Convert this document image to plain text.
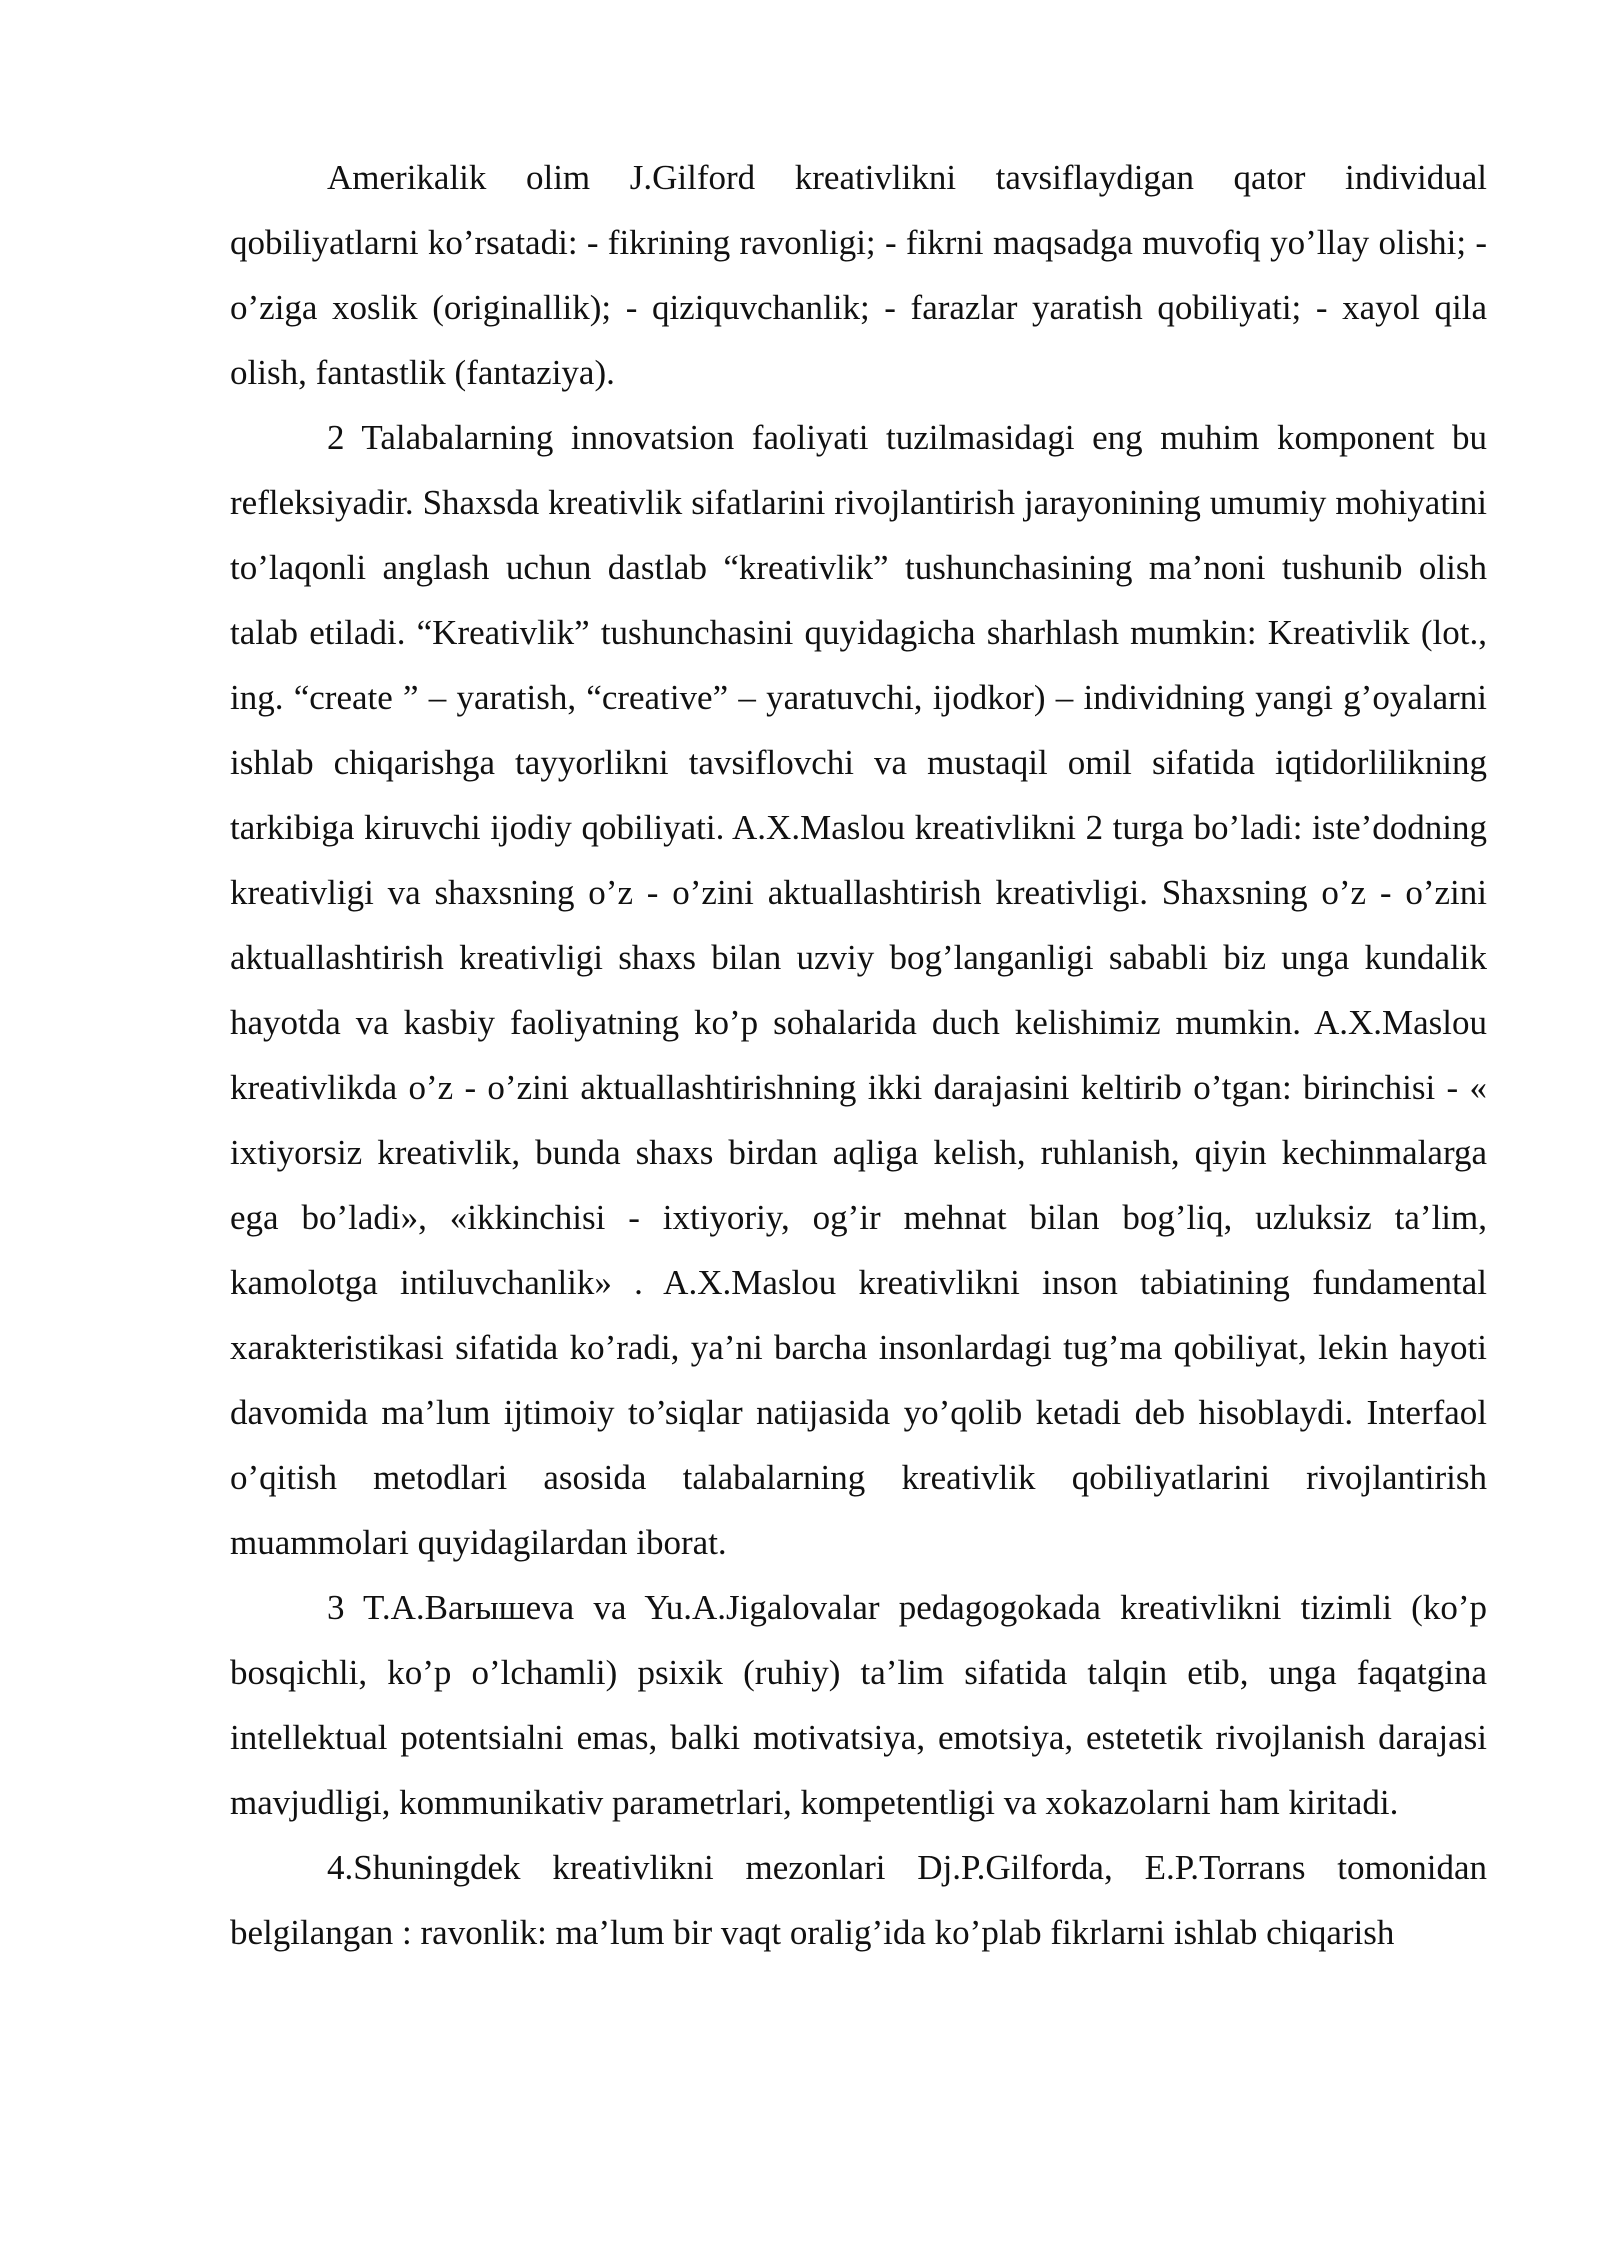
Amerikalik olim J.Gilford kreativlikni tavsiflaydigan qator individual qobiliyatlarni ko’rsatadi: - fikrining ravonligi; - fikrni maqsadga muvofiq yo’llay olishi; - o’ziga xoslik (originallik); - qiziquvchanlik; - farazlar yaratish qobiliyati; - xayol qila olish, fantastlik (fantaziya).

2 Talabalarning innovatsion faoliyati tuzilmasidagi eng muhim komponent bu refleksiyadir. Shaxsda kreativlik sifatlarini rivojlantirish jarayonining umumiy mohiyatini to’laqonli anglash uchun dastlab “kreativlik” tushunchasining ma’noni tushunib olish talab etiladi. “Kreativlik” tushunchasini quyidagicha sharhlash mumkin: Kreativlik (lot., ing. “create ” – yaratish, “creative” – yaratuvchi, ijodkor) – individning yangi g’oyalarni ishlab chiqarishga tayyorlikni tavsiflovchi va mustaqil omil sifatida iqtidorlilikning tarkibiga kiruvchi ijodiy qobiliyati. A.X.Maslou kreativlikni 2 turga bo’ladi: iste’dodning kreativligi va shaxsning o’z - o’zini aktuallashtirish kreativligi. Shaxsning o’z - o’zini aktuallashtirish kreativligi shaxs bilan uzviy bog’langanligi sababli biz unga kundalik hayotda va kasbiy faoliyatning ko’p sohalarida duch kelishimiz mumkin. A.X.Maslou kreativlikda o’z - o’zini aktuallashtirishning ikki darajasini keltirib o’tgan: birinchisi - « ixtiyorsiz kreativlik, bunda shaxs birdan aqliga kelish, ruhlanish, qiyin kechinmalarga ega bo’ladi», «ikkinchisi - ixtiyoriy, og’ir mehnat bilan bog’liq, uzluksiz ta’lim, kamolotga intiluvchanlik» . A.X.Maslou kreativlikni inson tabiatining fundamental xarakteristikasi sifatida ko’radi, ya’ni barcha insonlardagi tug’ma qobiliyat, lekin hayoti davomida ma’lum ijtimoiy to’siqlar natijasida yo’qolib ketadi deb hisoblaydi. Interfaol o’qitish metodlari asosida talabalarning kreativlik qobiliyatlarini rivojlantirish muammolari quyidagilardan iborat.

3 T.A.Barышeva va Yu.A.Jigalovalar pedagogokada kreativlikni tizimli (ko’p bosqichli, ko’p o’lchamli) psixik (ruhiy) ta’lim sifatida talqin etib, unga faqatgina intellektual potentsialni emas, balki motivatsiya, emotsiya, estetetik rivojlanish darajasi mavjudligi, kommunikativ parametrlari, kompetentligi va xokazolarni ham kiritadi.

4.Shuningdek kreativlikni mezonlari Dj.P.Gilforda, E.P.Torrans tomonidan belgilangan : ravonlik: ma’lum bir vaqt oralig’ida ko’plab fikrlarni ishlab chiqarish
